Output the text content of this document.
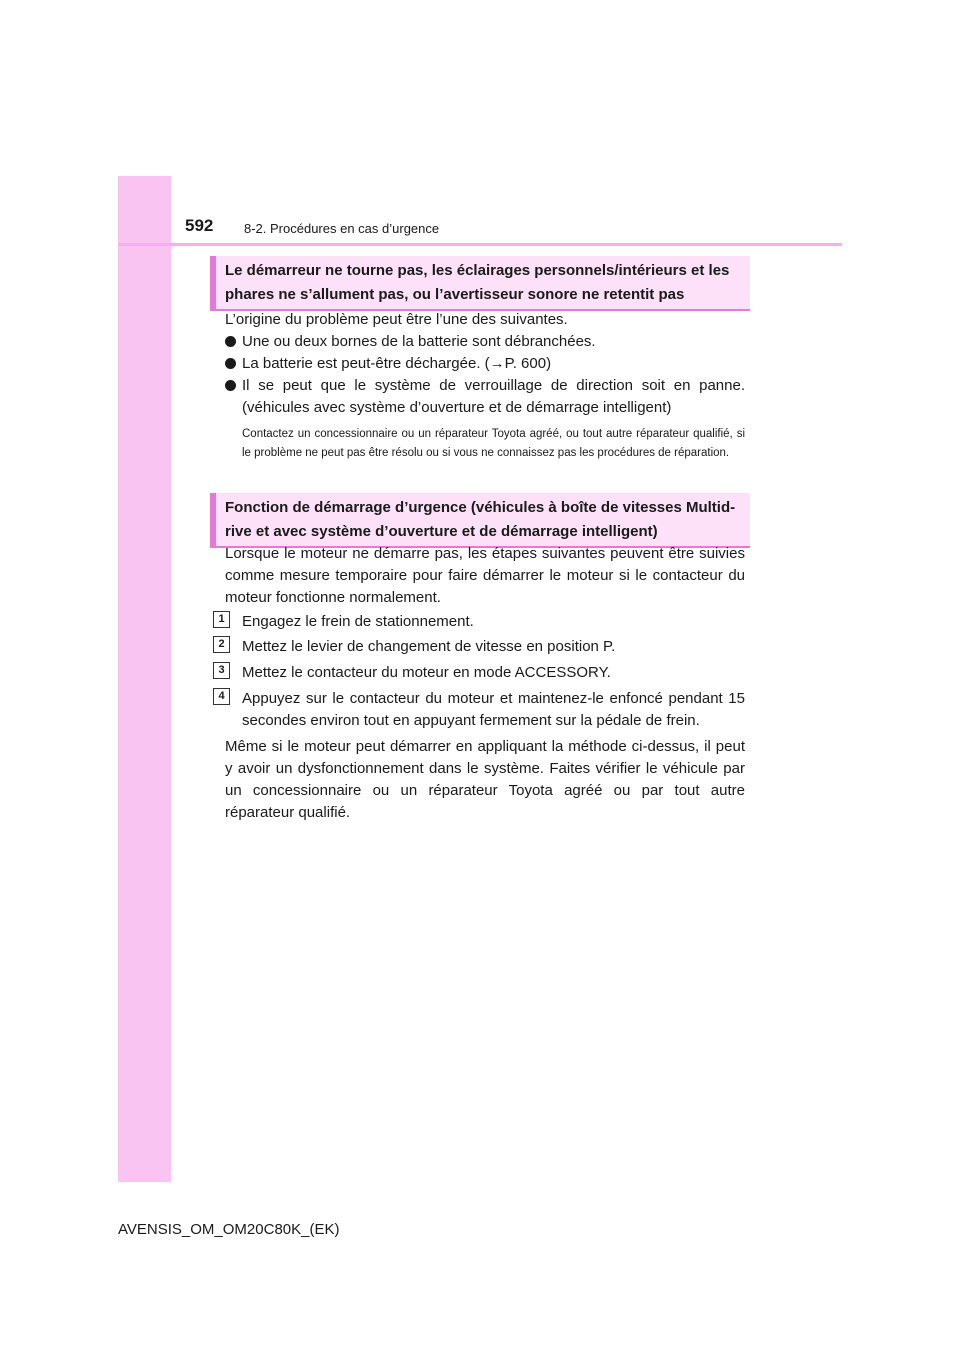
592 8-2. Procédures en cas d’urgence

Le démarreur ne tourne pas, les éclairages personnels/intérieurs et les

phares ne s’allument pas, ou l’avertisseur sonore ne retentit pas

L’origine du problème peut être l’une des suivantes.

Une ou deux bornes de la batterie sont débranchées.
La batterie est peut-être déchargée. (→P. 600)
Il se peut que le système de verrouillage de direction soit en panne. (véhicules avec système d’ouverture et de démarrage intelligent)

Contactez un concessionnaire ou un réparateur Toyota agréé, ou tout autre réparateur qualifié, si le problème ne peut pas être résolu ou si vous ne connaissez pas les procédures de réparation.

Fonction de démarrage d’urgence (véhicules à boîte de vitesses Multid-

rive et avec système d’ouverture et de démarrage intelligent)

Lorsque le moteur ne démarre pas, les étapes suivantes peuvent être suivies comme mesure temporaire pour faire démarrer le moteur si le contacteur du moteur fonctionne normalement.

1	Engagez le frein de stationnement.
2	Mettez le levier de changement de vitesse en position P.
3	Mettez le contacteur du moteur en mode ACCESSORY.
4	Appuyez sur le contacteur du moteur et maintenez-le enfoncé pendant 15 secondes environ tout en appuyant fermement sur la pédale de frein.

Même si le moteur peut démarrer en appliquant la méthode ci-dessus, il peut y avoir un dysfonctionnement dans le système. Faites vérifier le véhicule par un concessionnaire ou un réparateur Toyota agréé ou par tout autre réparateur qualifié.

AVENSIS_OM_OM20C80K_(EK)
